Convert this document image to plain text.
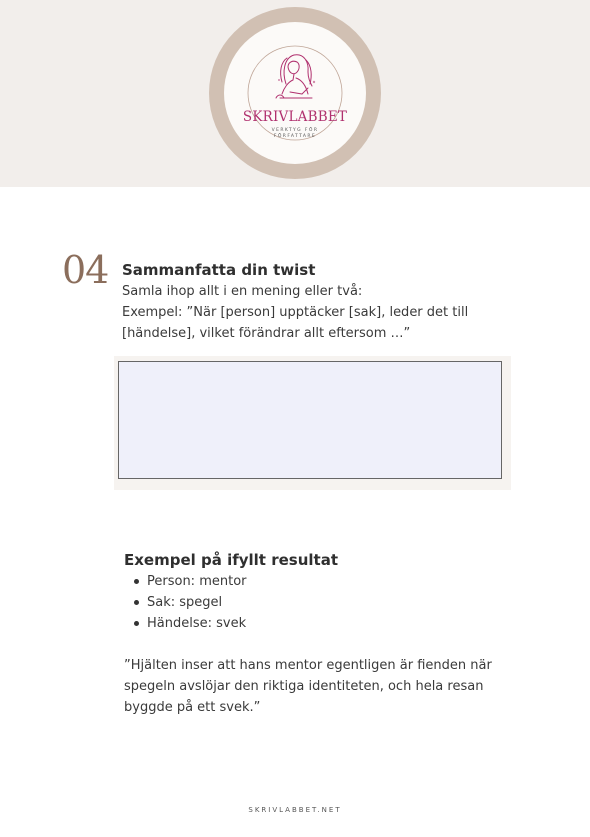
SKRIVLABBET
VERKTYG FÖR
FÖRFATTARE
04 Sammanfatta din twist
Samla ihop allt i en mening eller två:
Exempel: ”När [person] upptäcker [sak], leder det till
[händelse], vilket förändrar allt eftersom …”
Exempel på ifyllt resultat
Person: mentor
Sak: spegel
Händelse: svek
”Hjälten inser att hans mentor egentligen är fienden när
spegeln avslöjar den riktiga identiteten, och hela resan
byggde på ett svek.”
SKRIVLABBET.NET
